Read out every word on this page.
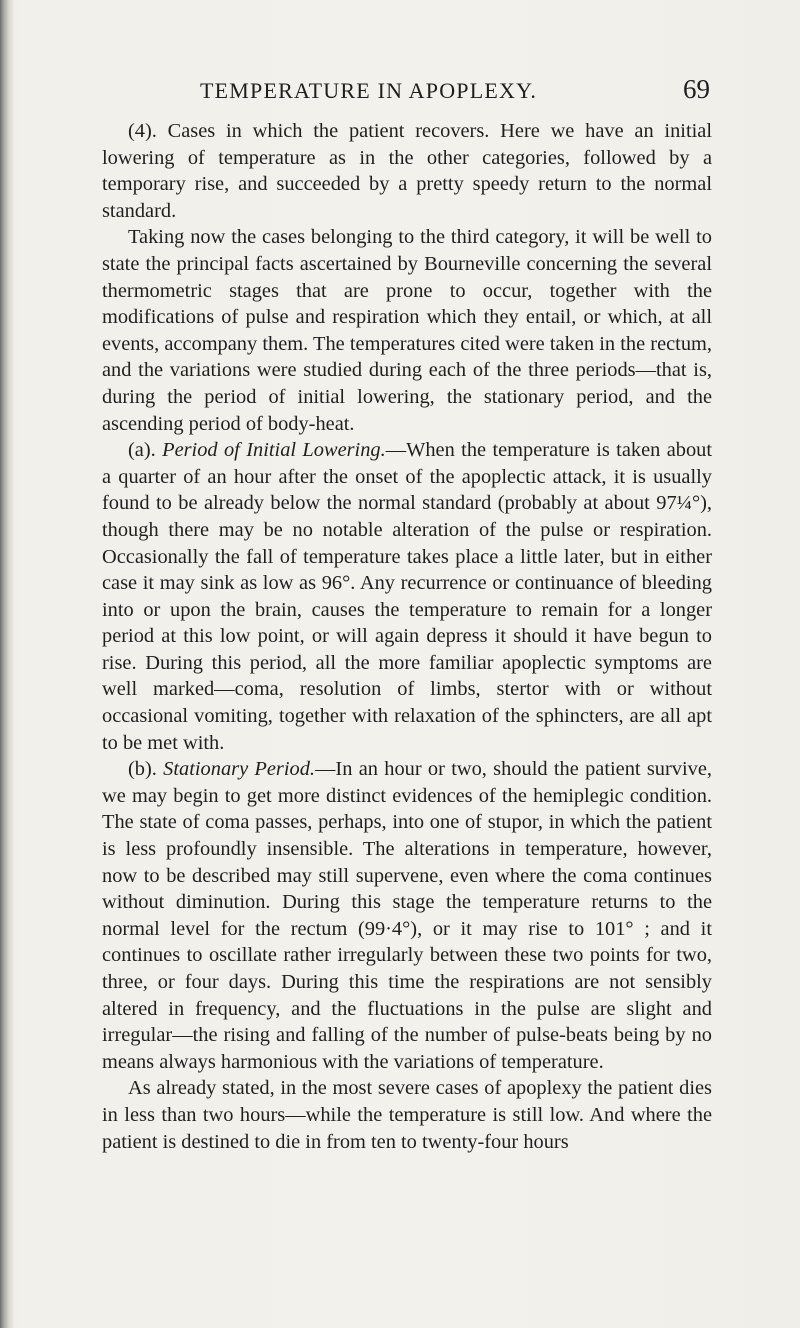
TEMPERATURE IN APOPLEXY.	69

(4). Cases in which the patient recovers. Here we have an initial lowering of temperature as in the other categories, followed by a temporary rise, and succeeded by a pretty speedy return to the normal standard.

Taking now the cases belonging to the third category, it will be well to state the principal facts ascertained by Bourneville concerning the several thermometric stages that are prone to occur, together with the modifications of pulse and respiration which they entail, or which, at all events, accompany them. The temperatures cited were taken in the rectum, and the variations were studied during each of the three periods—that is, during the period of initial lowering, the stationary period, and the ascending period of body-heat.

(a). Period of Initial Lowering.—When the temperature is taken about a quarter of an hour after the onset of the apoplectic attack, it is usually found to be already below the normal standard (probably at about 97¼°), though there may be no notable alteration of the pulse or respiration. Occasionally the fall of temperature takes place a little later, but in either case it may sink as low as 96°. Any recurrence or continuance of bleeding into or upon the brain, causes the temperature to remain for a longer period at this low point, or will again depress it should it have begun to rise. During this period, all the more familiar apoplectic symptoms are well marked—coma, resolution of limbs, stertor with or without occasional vomiting, together with relaxation of the sphincters, are all apt to be met with.

(b). Stationary Period.—In an hour or two, should the patient survive, we may begin to get more distinct evidences of the hemiplegic condition. The state of coma passes, perhaps, into one of stupor, in which the patient is less profoundly insensible. The alterations in temperature, however, now to be described may still supervene, even where the coma continues without diminution. During this stage the temperature returns to the normal level for the rectum (99·4°), or it may rise to 101° ; and it continues to oscillate rather irregularly between these two points for two, three, or four days. During this time the respirations are not sensibly altered in frequency, and the fluctuations in the pulse are slight and irregular—the rising and falling of the number of pulse-beats being by no means always harmonious with the variations of temperature.

As already stated, in the most severe cases of apoplexy the patient dies in less than two hours—while the temperature is still low. And where the patient is destined to die in from ten to twenty-four hours
